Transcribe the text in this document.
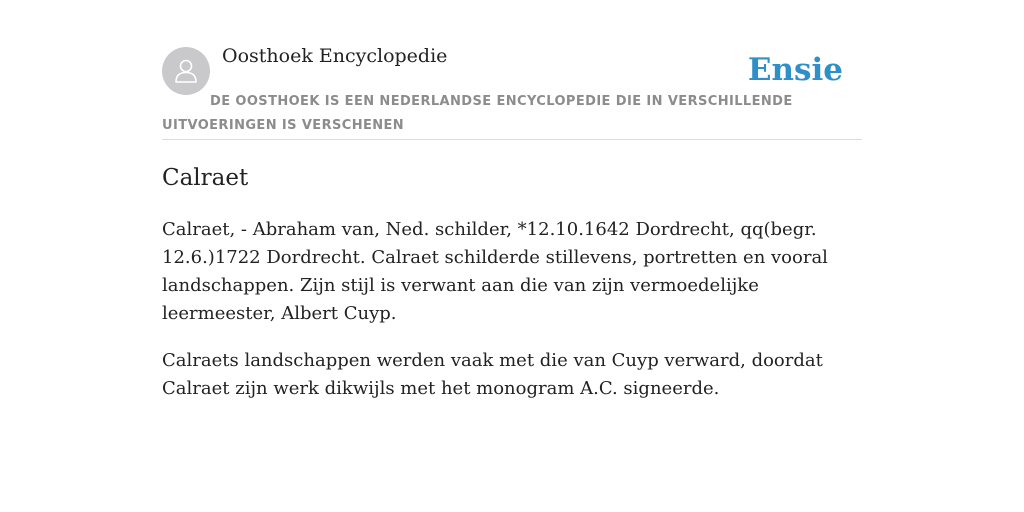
Oosthoek Encyclopedie	Ensie
DE OOSTHOEK IS EEN NEDERLANDSE ENCYCLOPEDIE DIE IN VERSCHILLENDE UITVOERINGEN IS VERSCHENEN
Calraet

Calraet, - Abraham van, Ned. schilder, *12.10.1642 Dordrecht, qq(begr. 12.6.)1722 Dordrecht. Calraet schilderde stillevens, portretten en vooral landschappen. Zijn stijl is verwant aan die van zijn vermoedelijke leermeester, Albert Cuyp.

Calraets landschappen werden vaak met die van Cuyp verward, doordat Calraet zijn werk dikwijls met het monogram A.C. signeerde.
